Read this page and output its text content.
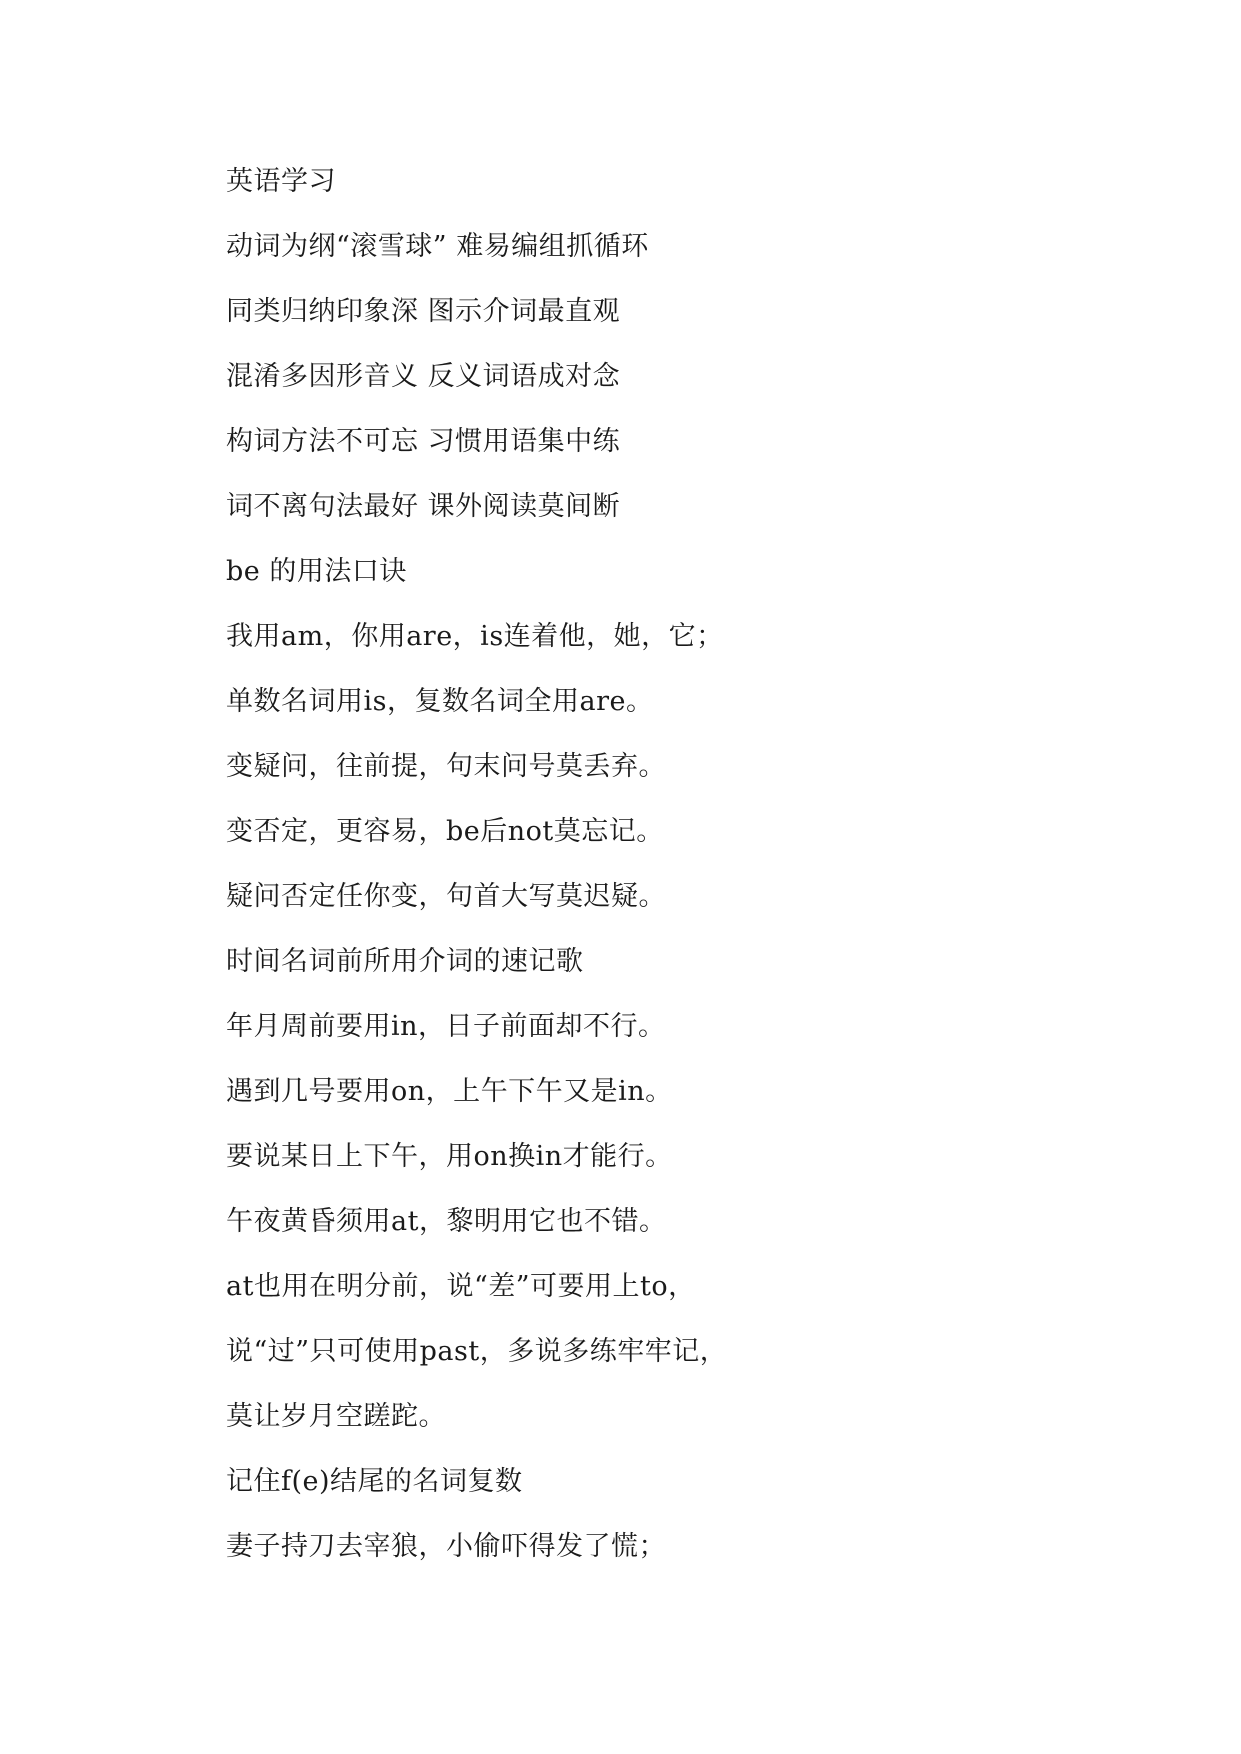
英语学习
动词为纲“滚雪球” 难易编组抓循环
同类归纳印象深 图示介词最直观
混淆多因形音义 反义词语成对念
构词方法不可忘 习惯用语集中练
词不离句法最好 课外阅读莫间断
be 的用法口诀
我用am，你用are，is连着他，她，它；
单数名词用is，复数名词全用are。
变疑问，往前提，句末问号莫丢弃。
变否定，更容易，be后not莫忘记。
疑问否定任你变，句首大写莫迟疑。
时间名词前所用介词的速记歌
年月周前要用in，日子前面却不行。
遇到几号要用on，上午下午又是in。
要说某日上下午，用on换in才能行。
午夜黄昏须用at，黎明用它也不错。
at也用在明分前，说“差”可要用上to，
说“过”只可使用past，多说多练牢牢记，
莫让岁月空蹉跎。
记住f(e)结尾的名词复数
妻子持刀去宰狼，小偷吓得发了慌；
